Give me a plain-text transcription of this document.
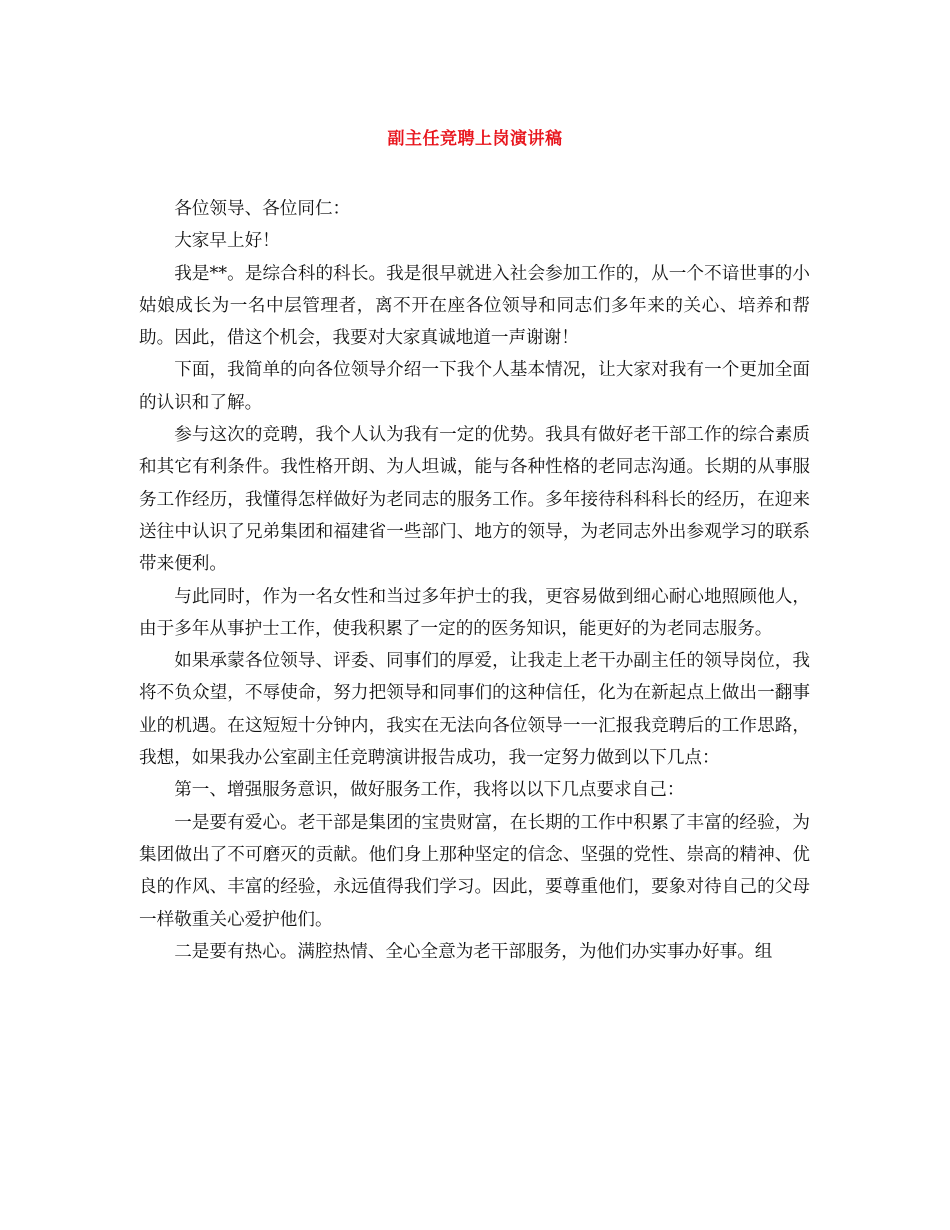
副主任竞聘上岗演讲稿

各位领导、各位同仁：

大家早上好！

我是**。是综合科的科长。我是很早就进入社会参加工作的，从一个不谙世事的小姑娘成长为一名中层管理者，离不开在座各位领导和同志们多年来的关心、培养和帮助。因此，借这个机会，我要对大家真诚地道一声谢谢！

下面，我简单的向各位领导介绍一下我个人基本情况，让大家对我有一个更加全面的认识和了解。

参与这次的竞聘，我个人认为我有一定的优势。我具有做好老干部工作的综合素质和其它有利条件。我性格开朗、为人坦诚，能与各种性格的老同志沟通。长期的从事服务工作经历，我懂得怎样做好为老同志的服务工作。多年接待科科科长的经历，在迎来送往中认识了兄弟集团和福建省一些部门、地方的领导，为老同志外出参观学习的联系带来便利。

与此同时，作为一名女性和当过多年护士的我，更容易做到细心耐心地照顾他人，由于多年从事护士工作，使我积累了一定的的医务知识，能更好的为老同志服务。

如果承蒙各位领导、评委、同事们的厚爱，让我走上老干办副主任的领导岗位，我将不负众望，不辱使命，努力把领导和同事们的这种信任，化为在新起点上做出一翻事业的机遇。在这短短十分钟内，我实在无法向各位领导一一汇报我竞聘后的工作思路，我想，如果我办公室副主任竞聘演讲报告成功，我一定努力做到以下几点：

第一、增强服务意识，做好服务工作，我将以以下几点要求自己：

一是要有爱心。老干部是集团的宝贵财富，在长期的工作中积累了丰富的经验，为集团做出了不可磨灭的贡献。他们身上那种坚定的信念、坚强的党性、崇高的精神、优良的作风、丰富的经验，永远值得我们学习。因此，要尊重他们，要象对待自己的父母一样敬重关心爱护他们。

二是要有热心。满腔热情、全心全意为老干部服务，为他们办实事办好事。组
